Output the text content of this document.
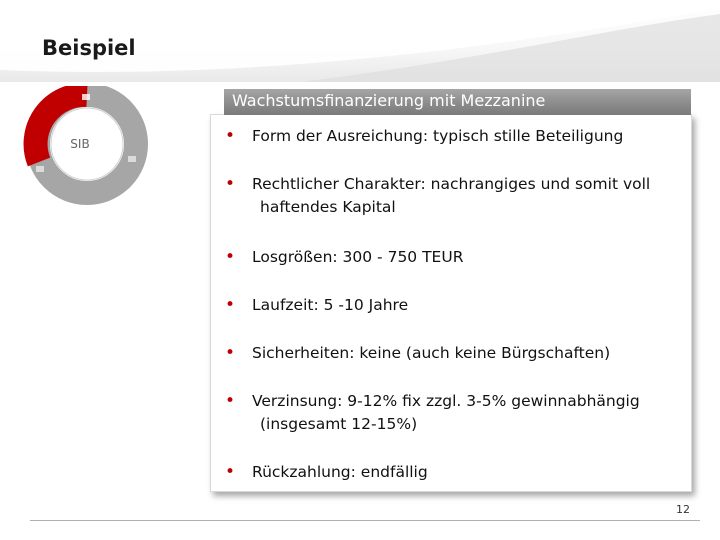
Beispiel
SIB
Wachstumsfinanzierung mit Mezzanine
•	Form der Ausreichung: typisch stille Beteiligung
•	Rechtlicher Charakter: nachrangiges und somit voll
haftendes Kapital
•	Losgrößen: 300 - 750 TEUR
•	Laufzeit: 5 -10 Jahre
•	Sicherheiten: keine (auch keine Bürgschaften)
•	Verzinsung: 9-12% fix zzgl. 3-5% gewinnabhängig
(insgesamt 12-15%)
•	Rückzahlung: endfällig
12
